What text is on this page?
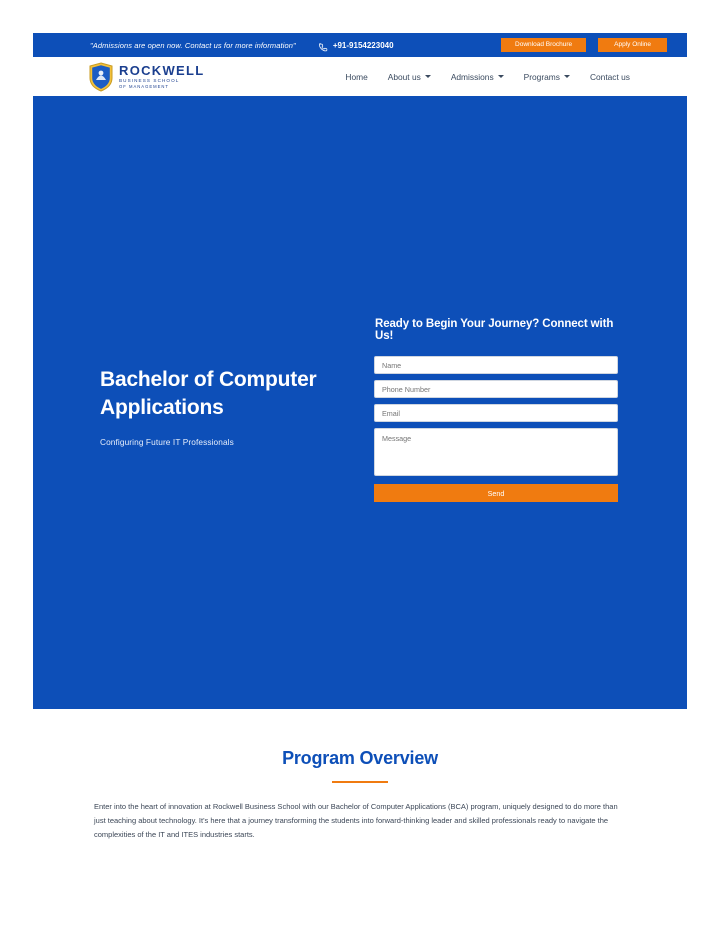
"Admissions are open now. Contact us for more information"	+91-9154223040	Download Brochure	Apply Online
ROCKWELL
BUSINESS SCHOOL
OF MANAGEMENT
Home About us	Admissions	Programs	Contact us
Bachelor of Computer Applications
Configuring Future IT Professionals
Ready to Begin Your Journey? Connect with Us!
Name
Phone Number
Email
Message Send
Program Overview

Enter into the heart of innovation at Rockwell Business School with our Bachelor of Computer Applications (BCA) program, uniquely designed to do more than just teaching about technology. It's here that a journey transforming the students into forward-thinking leader and skilled professionals ready to navigate the complexities of the IT and ITES industries starts.
